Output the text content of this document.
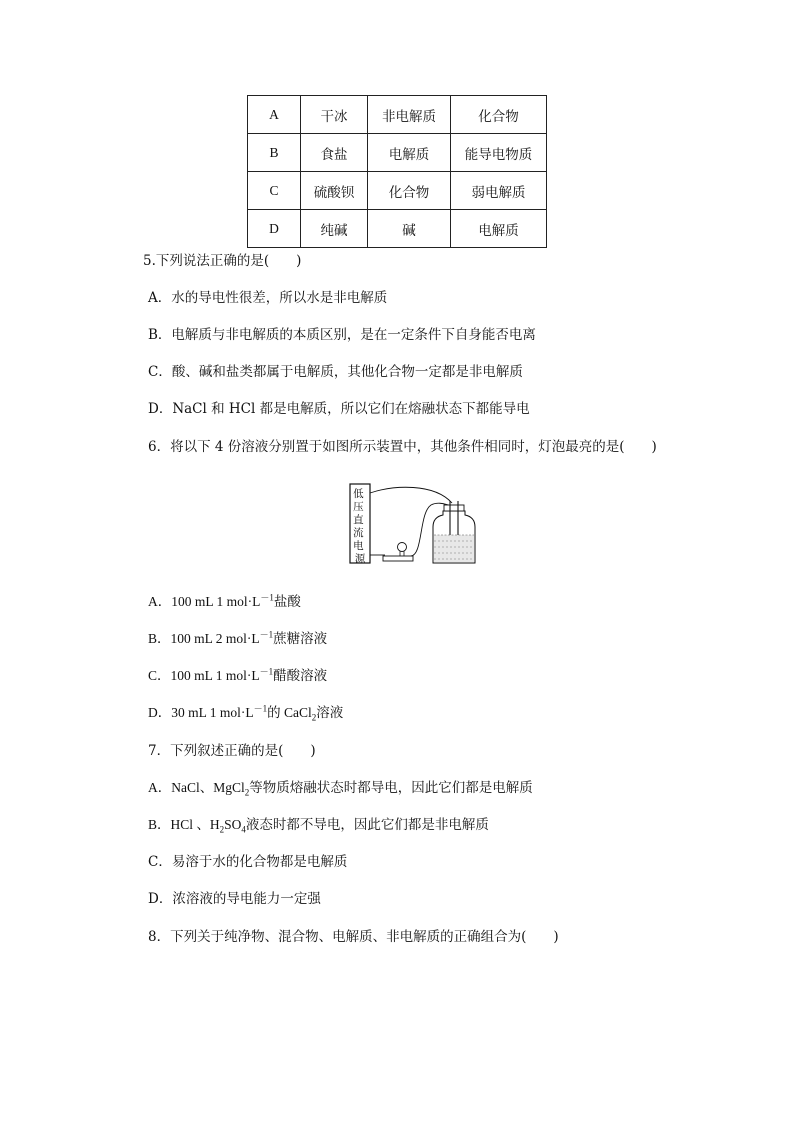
A	干冰	非电解质	化合物
B	食盐	电解质	能导电物质
C	硫酸钡	化合物	弱电解质
D	纯碱	碱	电解质
5.下列说法正确的是(　　)
A．水的导电性很差，所以水是非电解质
B．电解质与非电解质的本质区别，是在一定条件下自身能否电离
C．酸、碱和盐类都属于电解质，其他化合物一定都是非电解质
D．NaCl 和 HCl 都是电解质，所以它们在熔融状态下都能导电
6．将以下 4 份溶液分别置于如图所示装置中，其他条件相同时，灯泡最亮的是(　　)
低 压 直 流 电 源
A．100 mL 1 $mol\cdot L^{-1}$盐酸
B．100 mL 2 $mol\cdot L^{-1}$蔗糖溶液
C．100 mL 1 $mol\cdot L^{-1}$醋酸溶液
D．30 mL 1 $mol\cdot L^{-1}$的 CaCl$_2$溶液
7．下列叙述正确的是(　　)
A．NaCl、MgCl$_2$等物质熔融状态时都导电，因此它们都是电解质
B．HCl 、$H_2SO_4$液态时都不导电，因此它们都是非电解质
C．易溶于水的化合物都是电解质
D．浓溶液的导电能力一定强
8．下列关于纯净物、混合物、电解质、非电解质的正确组合为(　　)
